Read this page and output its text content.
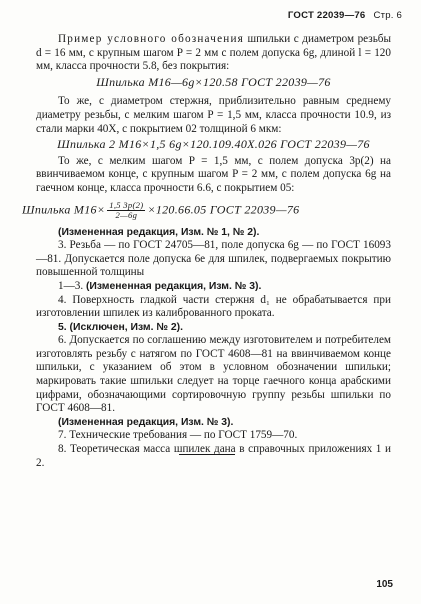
ГОСТ 22039—76 Стр. 6

Пример условного обозначения шпильки с диаметром резьбы d = 16 мм, с крупным шагом P = 2 мм с полем допуска 6g, длиной l = 120 мм, класса прочности 5.8, без покрытия:

Шпилька М16—6g×120.58 ГОСТ 22039—76

То же, с диаметром стержня, приблизительно равным среднему диаметру резьбы, с мелким шагом P = 1,5 мм, класса прочности 10.9, из стали марки 40Х, с покрытием 02 толщиной 6 мкм:

Шпилька 2 М16×1,5 6g×120.109.40Х.026 ГОСТ 22039—76

То же, с мелким шагом P = 1,5 мм, с полем допуска 3p(2) на ввинчиваемом конце, с крупным шагом P = 2 мм, с полем допуска 6g на гаечном конце, класса прочности 6.6, с покрытием 05:

Шпилька $М16\times \frac{1,5 3p(2)}{2—6g} \times 120.66.05$ ГОСТ 22039—76

(Измененная редакция, Изм. № 1, № 2).

3. Резьба — по ГОСТ 24705—81, поле допуска 6g — по ГОСТ 16093—81. Допускается поле допуска 6е для шпилек, подвергаемых покрытию повышенной толщины

1—3. (Измененная редакция, Изм. № 3).

4. Поверхность гладкой части стержня d₁ не обрабатывается при изготовлении шпилек из калиброванного проката.

5. (Исключен, Изм. № 2).

6. Допускается по соглашению между изготовителем и потребителем изготовлять резьбу с натягом по ГОСТ 4608—81 на ввинчиваемом конце шпильки, с указанием об этом в условном обозначении шпильки; маркировать такие шпильки следует на торце гаечного конца арабскими цифрами, обозначающими сортировочную группу резьбы шпильки по ГОСТ 4608—81.

(Измененная редакция, Изм. № 3).

7. Технические требования — по ГОСТ 1759—70.

8. Теоретическая масса шпилек дана в справочных приложениях 1 и 2.

105
